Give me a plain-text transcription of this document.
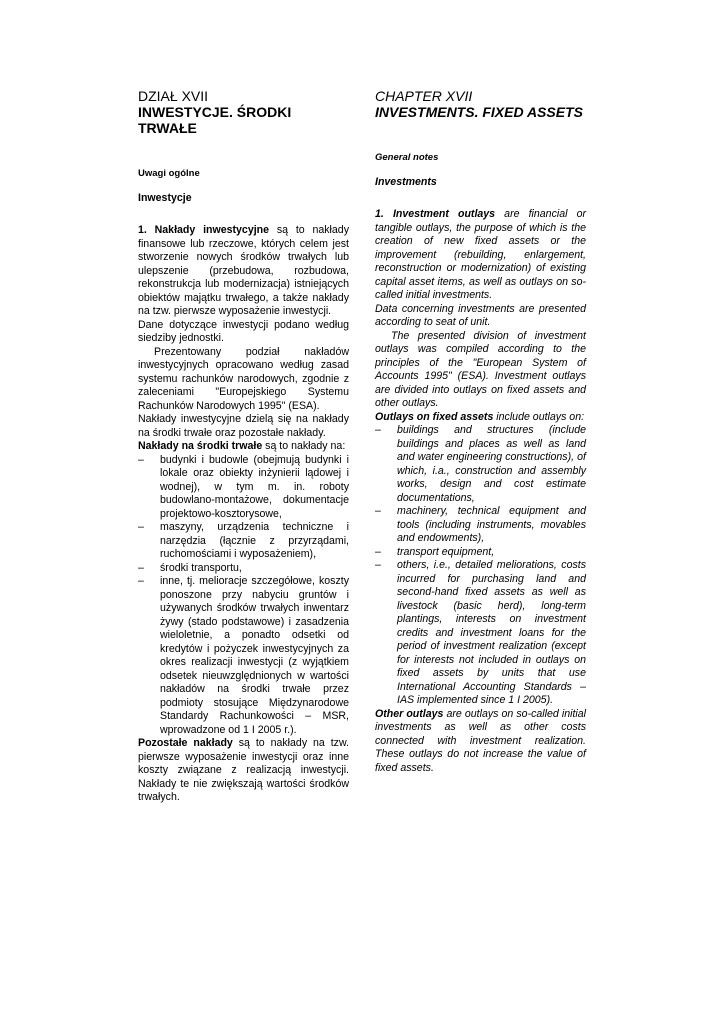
DZIAŁ XVII
INWESTYCJE. ŚRODKI TRWAŁE
Uwagi ogólne
Inwestycje

1. Nakłady inwestycyjne są to nakłady finansowe lub rzeczowe, których celem jest stworzenie nowych środków trwałych lub ulepszenie (przebudowa, rozbudowa, rekonstrukcja lub modernizacja) istniejących obiektów majątku trwałego, a także nakłady na tzw. pierwsze wyposażenie inwestycji.

Dane dotyczące inwestycji podano według siedziby jednostki.

Prezentowany podział nakładów inwestycyjnych opracowano według zasad systemu rachunków narodowych, zgodnie z zaleceniami "Europejskiego Systemu Rachunków Narodowych 1995" (ESA).

Nakłady inwestycyjne dzielą się na nakłady na środki trwałe oraz pozostałe nakłady.

Nakłady na środki trwałe są to nakłady na:

– budynki i budowle (obejmują budynki i lokale oraz obiekty inżynierii lądowej i wodnej), w tym m. in. roboty budowlano-montażowe, dokumentacje projektowo-kosztorysowe,
– maszyny, urządzenia techniczne i narzędzia (łącznie z przyrządami, ruchomościami i wyposażeniem),
– środki transportu,
– inne, tj. melioracje szczegółowe, koszty ponoszone przy nabyciu gruntów i używanych środków trwałych inwentarz żywy (stado podstawowe) i zasadzenia wieloletnie, a ponadto odsetki od kredytów i pożyczek inwestycyjnych za okres realizacji inwestycji (z wyjątkiem odsetek nieuwzględnionych w wartości nakładów na środki trwałe przez podmioty stosujące Międzynarodowe Standardy Rachunkowości – MSR, wprowadzone od 1 I 2005 r.).

Pozostałe nakłady są to nakłady na tzw. pierwsze wyposażenie inwestycji oraz inne koszty związane z realizacją inwestycji. Nakłady te nie zwiększają wartości środków trwałych.

CHAPTER XVII
INVESTMENTS. FIXED ASSETS
General notes
Investments

1. Investment outlays are financial or tangible outlays, the purpose of which is the creation of new fixed assets or the improvement (rebuilding, enlargement, reconstruction or modernization) of existing capital asset items, as well as outlays on so-called initial investments.

Data concerning investments are presented according to seat of unit.

The presented division of investment outlays was compiled according to the principles of the "European System of Accounts 1995" (ESA). Investment outlays are divided into outlays on fixed assets and other outlays.

Outlays on fixed assets include outlays on:

– buildings and structures (include buildings and places as well as land and water engineering constructions), of which, i.a., construction and assembly works, design and cost estimate documentations,
– machinery, technical equipment and tools (including instruments, movables and endowments),
– transport equipment,
– others, i.e., detailed meliorations, costs incurred for purchasing land and second-hand fixed assets as well as livestock (basic herd), long-term plantings, interests on investment credits and investment loans for the period of investment realization (except for interests not included in outlays on fixed assets by units that use International Accounting Standards – IAS implemented since 1 I 2005).

Other outlays are outlays on so-called initial investments as well as other costs connected with investment realization. These outlays do not increase the value of fixed assets.
